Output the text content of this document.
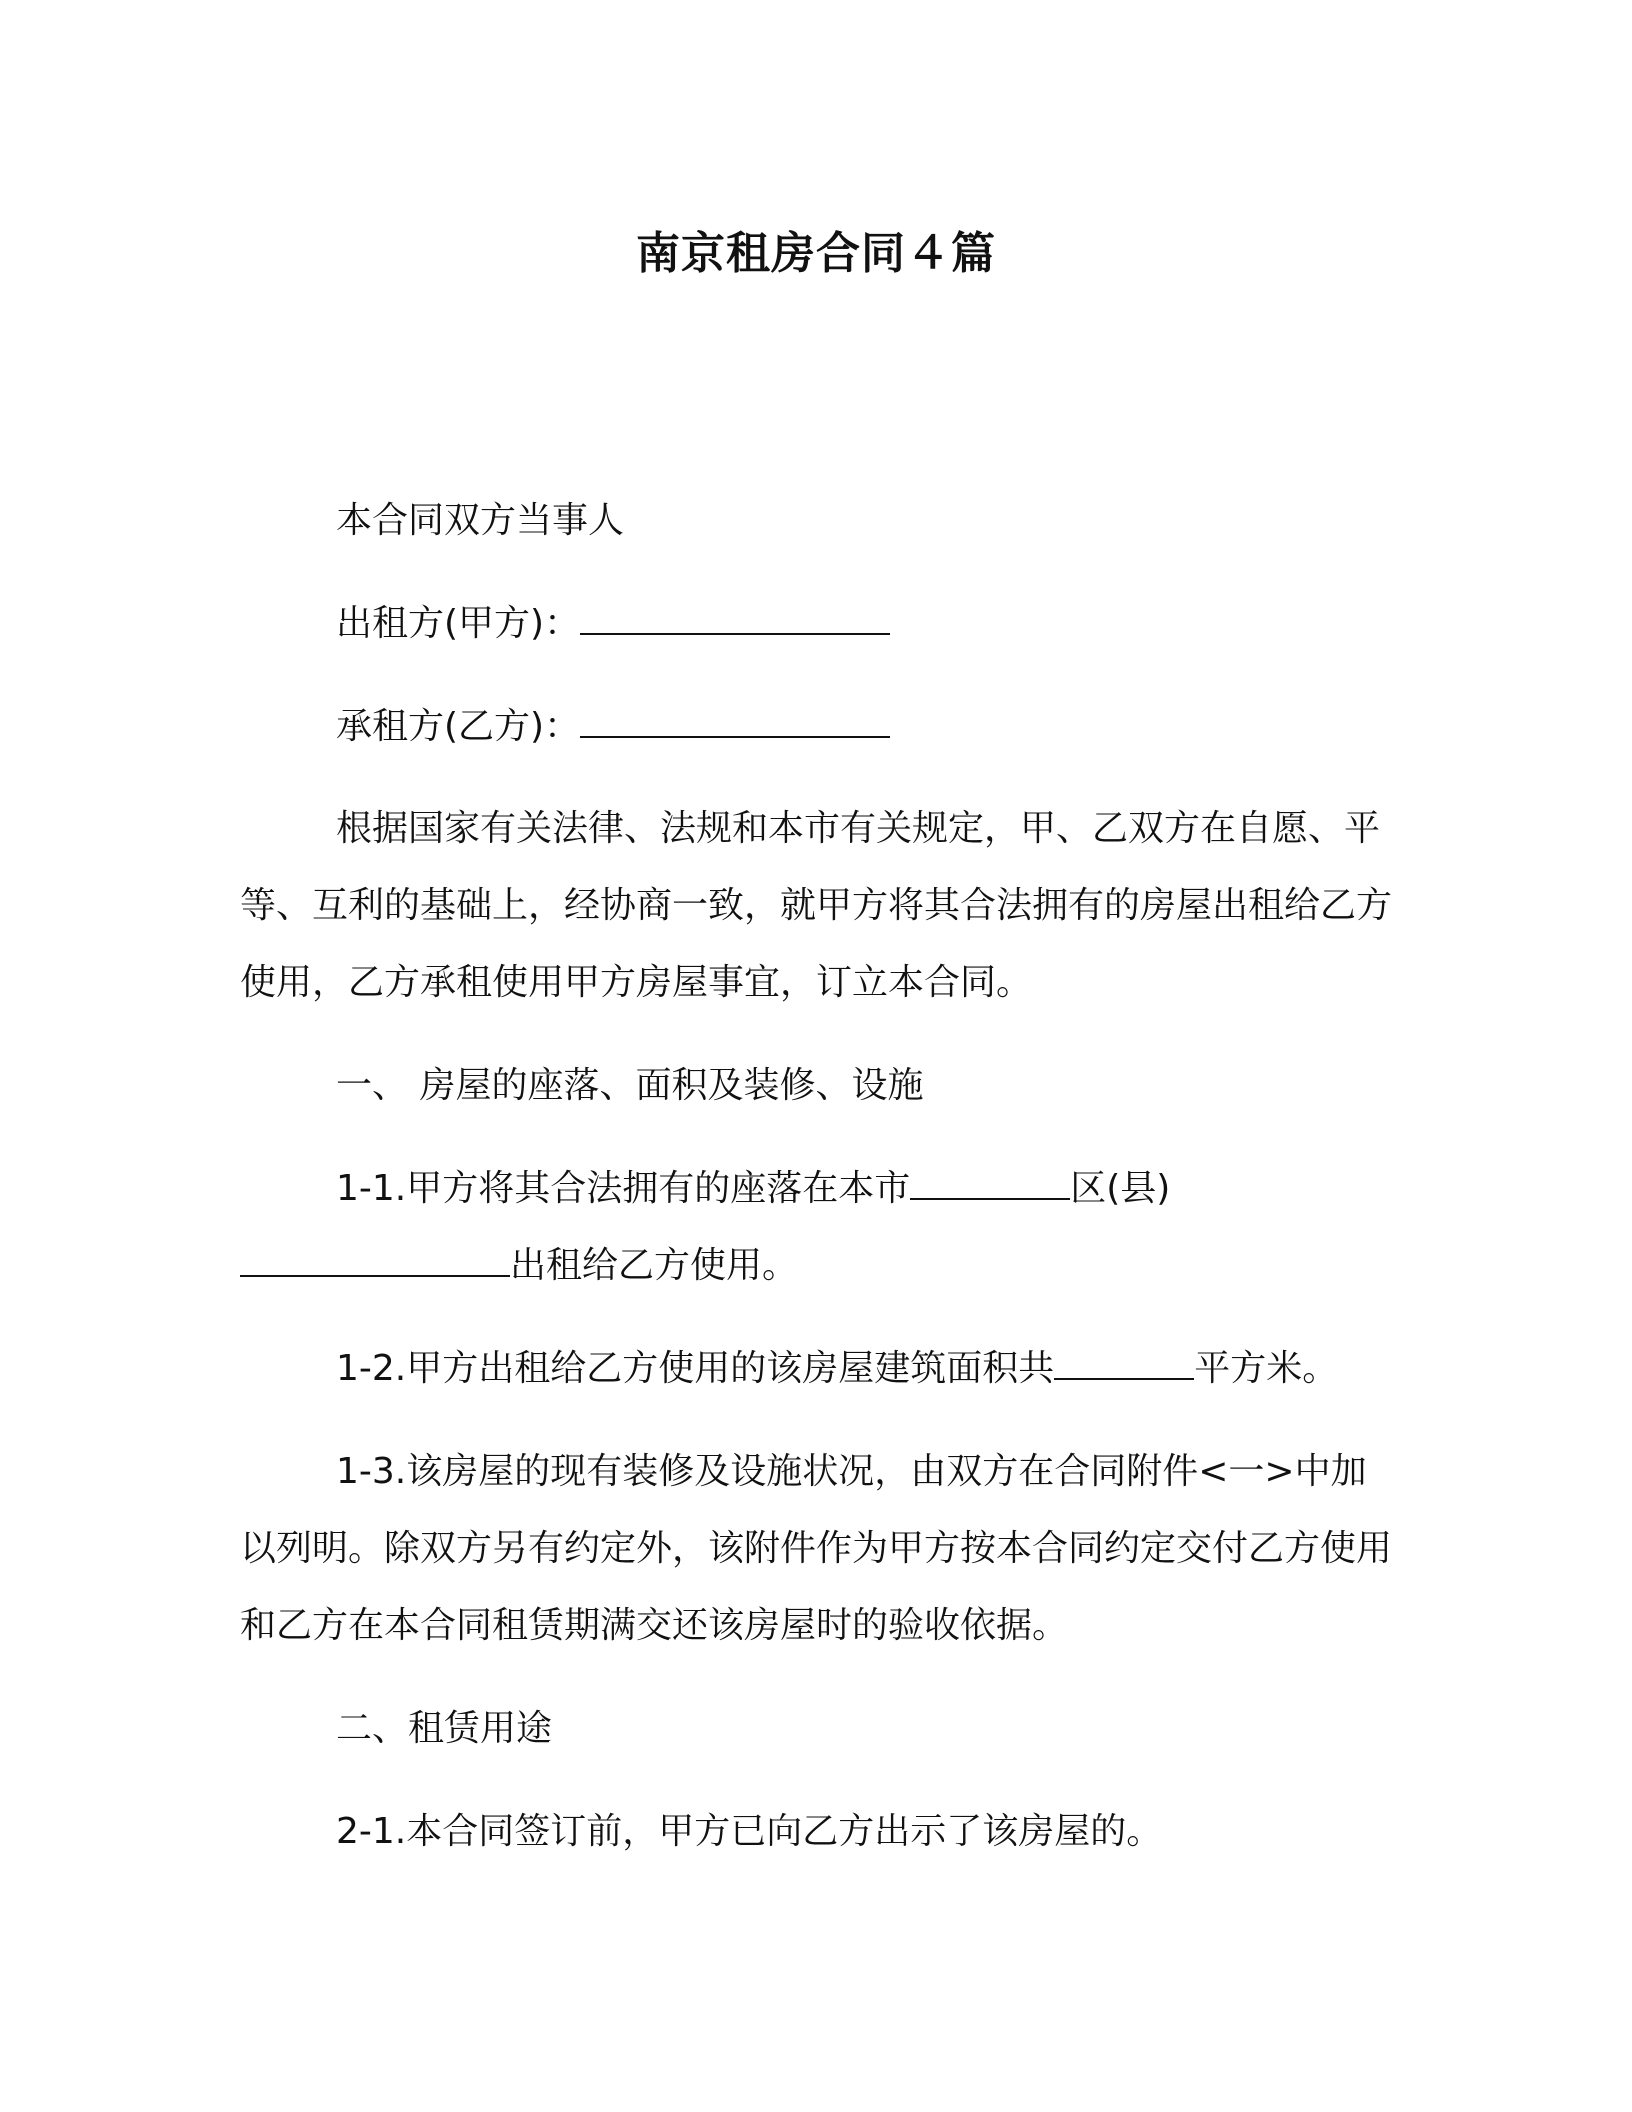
南京租房合同４篇

本合同双方当事人

出租方(甲方)：

承租方(乙方)：

根据国家有关法律、法规和本市有关规定，甲、乙双方在自愿、平等、互利的基础上，经协商一致，就甲方将其合法拥有的房屋出租给乙方使用，乙方承租使用甲方房屋事宜，订立本合同。

一、 房屋的座落、面积及装修、设施

1-1.甲方将其合法拥有的座落在本市	区(县)出租给乙方使用。

1-2.甲方出租给乙方使用的该房屋建筑面积共	平方米。

1-3.该房屋的现有装修及设施状况，由双方在合同附件<一>中加以列明。除双方另有约定外，该附件作为甲方按本合同约定交付乙方使用和乙方在本合同租赁期满交还该房屋时的验收依据。

二、租赁用途

2-1.本合同签订前，甲方已向乙方出示了该房屋的。
